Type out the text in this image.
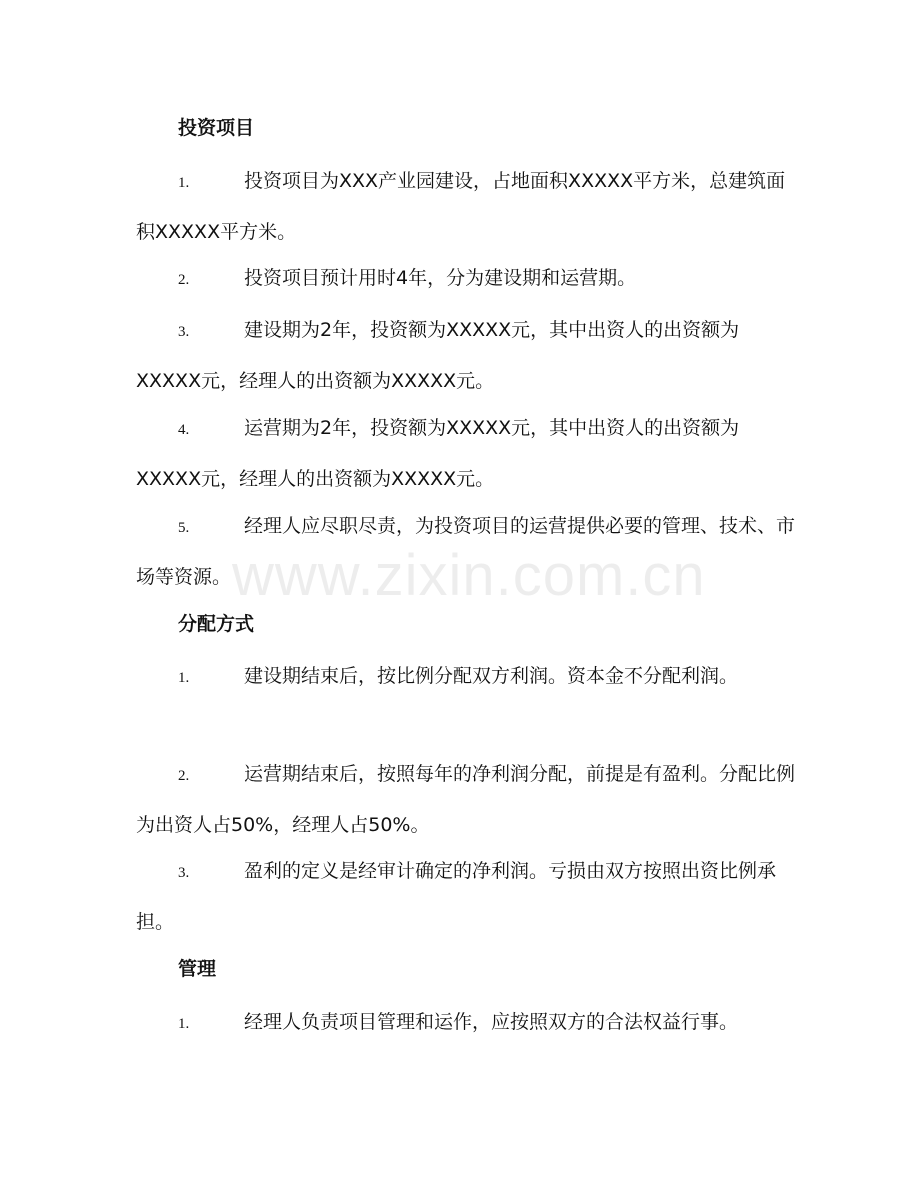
投资项目

1.	投资项目为XXX产业园建设，占地面积XXXXX平方米，总建筑面积XXXXX平方米。

2.	投资项目预计用时4年，分为建设期和运营期。

3.	建设期为2年，投资额为XXXXX元，其中出资人的出资额为XXXXX元，经理人的出资额为XXXXX元。

4.	运营期为2年，投资额为XXXXX元，其中出资人的出资额为XXXXX元，经理人的出资额为XXXXX元。

5.	经理人应尽职尽责，为投资项目的运营提供必要的管理、技术、市场等资源。

分配方式

1.	建设期结束后，按比例分配双方利润。资本金不分配利润。

2.	运营期结束后，按照每年的净利润分配，前提是有盈利。分配比例为出资人占50%，经理人占50%。

3.	盈利的定义是经审计确定的净利润。亏损由双方按照出资比例承担。

管理

1.	经理人负责项目管理和运作，应按照双方的合法权益行事。

www.zixin.com.cn
